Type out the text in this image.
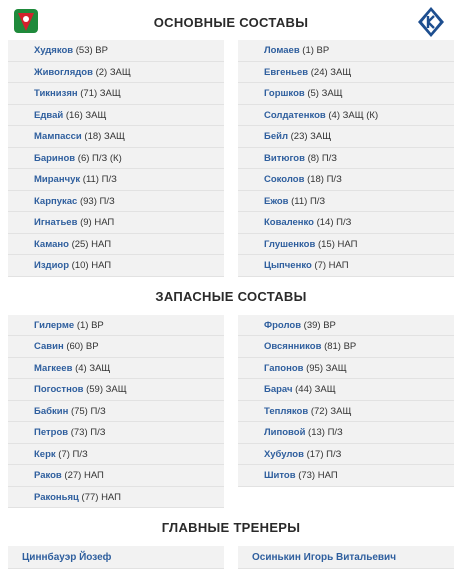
ОСНОВНЫЕ СОСТАВЫ
Худяков (53) ВР
Живоглядов (2) ЗАЩ
Тикнизян (71) ЗАЩ
Едвай (16) ЗАЩ
Мампасси (18) ЗАЩ
Баринов (6) П/З (К)
Миранчук (11) П/З
Карпукас (93) П/З
Игнатьев (9) НАП
Камано (25) НАП
Издиор (10) НАП
Ломаев (1) ВР
Евгеньев (24) ЗАЩ
Горшков (5) ЗАЩ
Солдатенков (4) ЗАЩ (К)
Бейл (23) ЗАЩ
Витюгов (8) П/З
Соколов (18) П/З
Ежов (11) П/З
Коваленко (14) П/З
Глушенков (15) НАП
Цыпченко (7) НАП
ЗАПАСНЫЕ СОСТАВЫ
Гилерме (1) ВР
Савин (60) ВР
Магкеев (4) ЗАЩ
Погостнов (59) ЗАЩ
Бабкин (75) П/З
Петров (73) П/З
Керк (7) П/З
Раков (27) НАП
Раконьяц (77) НАП
Фролов (39) ВР
Овсянников (81) ВР
Гапонов (95) ЗАЩ
Барач (44) ЗАЩ
Тепляков (72) ЗАЩ
Липовой (13) П/З
Хубулов (17) П/З
Шитов (73) НАП
ГЛАВНЫЕ ТРЕНЕРЫ
Циннбауэр Йозеф	Осинькин Игорь Витальевич
